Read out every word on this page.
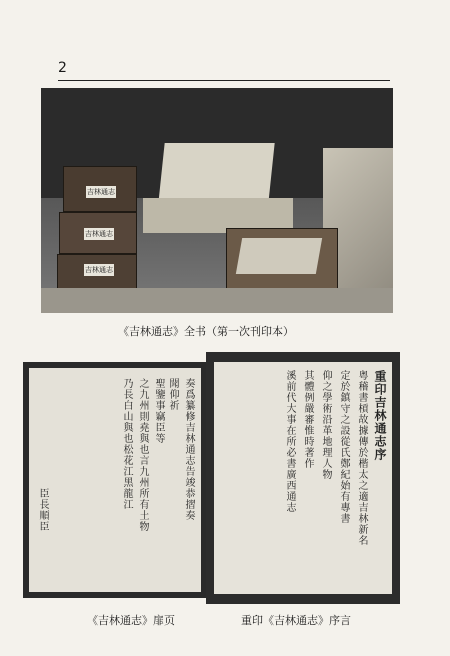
2
吉林通志
吉林通志
吉林通志
《吉林通志》全书（第一次刊印本）
奏爲纂修吉林通志告竣恭摺奏
聞仰祈
聖鑒事竊臣等
之九州則堯與也言九州所有土物
乃長白山與也松花江黑龍江
臣長順臣
《吉林通志》扉页
重印吉林通志序
粤稽書槓故據傳於楷太之適吉林新名
定於鎮守之設從氏鄭紀始有專書
仰之學術沿革地理人物
其體例嚴審惟時著作
溪前代大事在所必書廣西通志
重印《吉林通志》序言
